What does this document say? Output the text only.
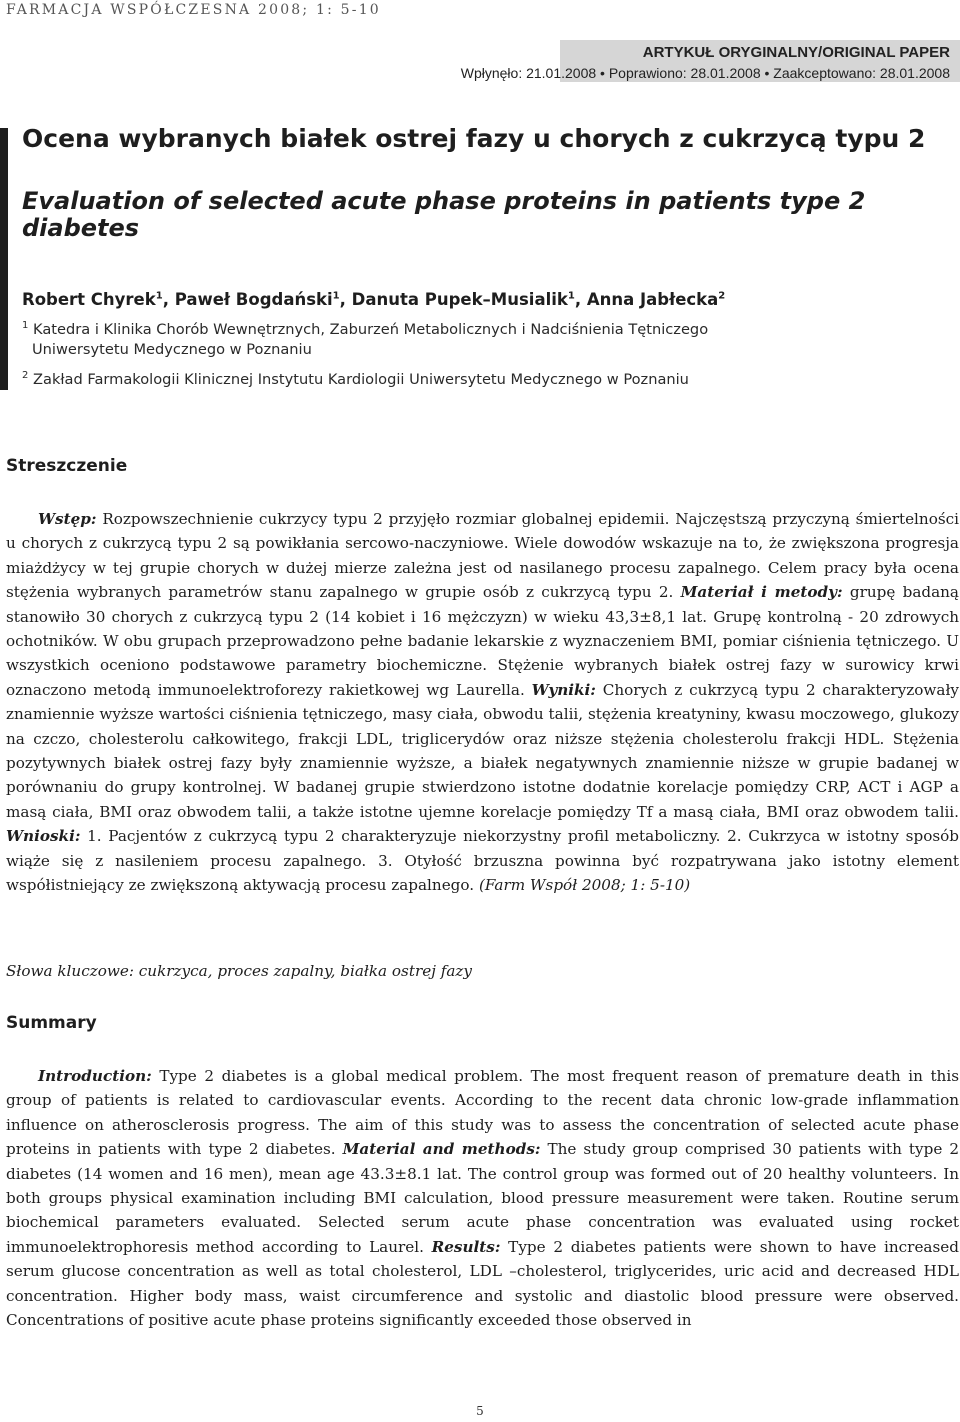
FARMACJA WSPÓŁCZESNA 2008; 1: 5-10
ARTYKUŁ ORYGINALNY/ORIGINAL PAPER
Wpłynęło: 21.01.2008 • Poprawiono: 28.01.2008 • Zaakceptowano: 28.01.2008
Ocena wybranych białek ostrej fazy u chorych z cukrzycą typu 2
Evaluation of selected acute phase proteins in patients type 2 diabetes
Robert Chyrek$^1$, Paweł Bogdański$^1$, Danuta Pupek–Musialik$^1$, Anna Jabłecka$^2$
$^1$ Katedra i Klinika Chorób Wewnętrznych, Zaburzeń Metabolicznych i Nadciśnienia Tętniczego
Uniwersytetu Medycznego w Poznaniu
$^2$ Zakład Farmakologii Klinicznej Instytutu Kardiologii Uniwersytetu Medycznego w Poznaniu
Streszczenie

Wstęp: Rozpowszechnienie cukrzycy typu 2 przyjęło rozmiar globalnej epidemii. Najczęstszą przyczyną śmiertelności u chorych z cukrzycą typu 2 są powikłania sercowo-naczyniowe. Wiele dowodów wskazuje na to, że zwiększona progresja miażdżycy w tej grupie chorych w dużej mierze zależna jest od nasilanego procesu zapalnego. Celem pracy była ocena stężenia wybranych parametrów stanu zapalnego w grupie osób z cukrzycą typu 2. Materiał i metody: grupę badaną stanowiło 30 chorych z cukrzycą typu 2 (14 kobiet i 16 mężczyzn) w wieku 43,3±8,1 lat. Grupę kontrolną - 20 zdrowych ochotników. W obu grupach przeprowadzono pełne badanie lekarskie z wyznaczeniem BMI, pomiar ciśnienia tętniczego. U wszystkich oceniono podstawowe parametry biochemiczne. Stężenie wybranych białek ostrej fazy w surowicy krwi oznaczono metodą immunoelektroforezy rakietkowej wg Laurella. Wyniki: Chorych z cukrzycą typu 2 charakteryzowały znamiennie wyższe wartości ciśnienia tętniczego, masy ciała, obwodu talii, stężenia kreatyniny, kwasu moczowego, glukozy na czczo, cholesterolu całkowitego, frakcji LDL, triglicerydów oraz niższe stężenia cholesterolu frakcji HDL. Stężenia pozytywnych białek ostrej fazy były znamiennie wyższe, a białek negatywnych znamiennie niższe w grupie badanej w porównaniu do grupy kontrolnej. W badanej grupie stwierdzono istotne dodatnie korelacje pomiędzy CRP, ACT i AGP a masą ciała, BMI oraz obwodem talii, a także istotne ujemne korelacje pomiędzy Tf a masą ciała, BMI oraz obwodem talii. Wnioski: 1. Pacjentów z cukrzycą typu 2 charakteryzuje niekorzystny profil metaboliczny. 2. Cukrzyca w istotny sposób wiąże się z nasileniem procesu zapalnego. 3. Otyłość brzuszna powinna być rozpatrywana jako istotny element współistniejący ze zwiększoną aktywacją procesu zapalnego. (Farm Współ 2008; 1: 5-10)

Słowa kluczowe: cukrzyca, proces zapalny, białka ostrej fazy
Summary

Introduction: Type 2 diabetes is a global medical problem. The most frequent reason of premature death in this group of patients is related to cardiovascular events. According to the recent data chronic low-grade inflammation influence on atherosclerosis progress. The aim of this study was to assess the concentration of selected acute phase proteins in patients with type 2 diabetes. Material and methods: The study group comprised 30 patients with type 2 diabetes (14 women and 16 men), mean age 43.3±8.1 lat. The control group was formed out of 20 healthy volunteers. In both groups physical examination including BMI calculation, blood pressure measurement were taken. Routine serum biochemical parameters evaluated. Selected serum acute phase concentration was evaluated using rocket immunoelektrophoresis method according to Laurel. Results: Type 2 diabetes patients were shown to have increased serum glucose concentration as well as total cholesterol, LDL –cholesterol, triglycerides, uric acid and decreased HDL concentration. Higher body mass, waist circumference and systolic and diastolic blood pressure were observed. Concentrations of positive acute phase proteins significantly exceeded those observed in

5
